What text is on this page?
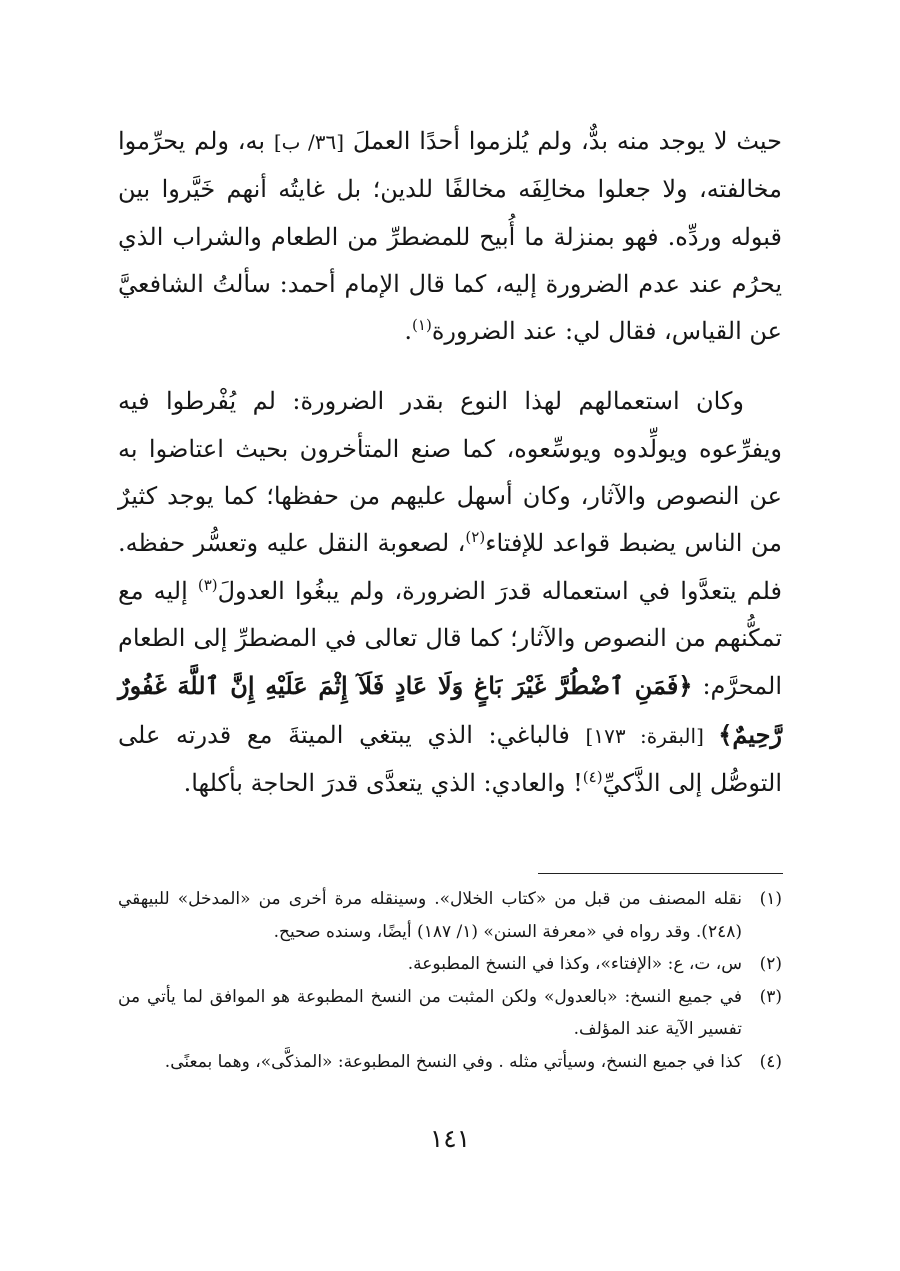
حيث لا يوجد منه بدٌّ، ولم يُلزموا أحدًا العملَ [٣٦/ ب] به، ولم يحرِّموا مخالفته، ولا جعلوا مخالِفَه مخالفًا للدين؛ بل غايتُه أنهم خَيَّروا بين قبوله وردِّه. فهو بمنزلة ما أُبيح للمضطرِّ من الطعام والشراب الذي يحرُم عند عدم الضرورة إليه، كما قال الإمام أحمد: سألتُ الشافعيَّ عن القياس، فقال لي: عند الضرورة$^{(١)}$.

وكان استعمالهم لهذا النوع بقدر الضرورة: لم يُفْرطوا فيه ويفرِّعوه ويولِّدوه ويوسِّعوه، كما صنع المتأخرون بحيث اعتاضوا به عن النصوص والآثار، وكان أسهل عليهم من حفظها؛ كما يوجد كثيرٌ من الناس يضبط قواعد للإفتاء$^{(٢)}$، لصعوبة النقل عليه وتعسُّر حفظه. فلم يتعدَّوا في استعماله قدرَ الضرورة، ولم يبغُوا العدولَ$^{(٣)}$ إليه مع تمكُّنهم من النصوص والآثار؛ كما قال تعالى في المضطرِّ إلى الطعام المحرَّم: ﴿فَمَنِ ٱضْطُرَّ غَيْرَ بَاغٍ وَلَا عَادٍ فَلَآ إِثْمَ عَلَيْهِ إِنَّ ٱللَّهَ غَفُورٌ رَّحِيمٌ﴾ [البقرة: ١٧٣] فالباغي: الذي يبتغي الميتةَ مع قدرته على التوصُّل إلى الذَّكيِّ$^{(٤)}$! والعادي: الذي يتعدَّى قدرَ الحاجة بأكلها.

(١)
نقله المصنف من قبل من «كتاب الخلال». وسينقله مرة أخرى من «المدخل» للبيهقي (٢٤٨). وقد رواه في «معرفة السنن» (١/ ١٨٧) أيضًا، وسنده صحيح.
(٢)
س، ت، ع: «الإفتاء»، وكذا في النسخ المطبوعة.
(٣)
في جميع النسخ: «بالعدول» ولكن المثبت من النسخ المطبوعة هو الموافق لما يأتي من تفسير الآية عند المؤلف.
(٤)
كذا في جميع النسخ، وسيأتي مثله . وفي النسخ المطبوعة: «المذكَّى»، وهما بمعنًى.
١٤١
